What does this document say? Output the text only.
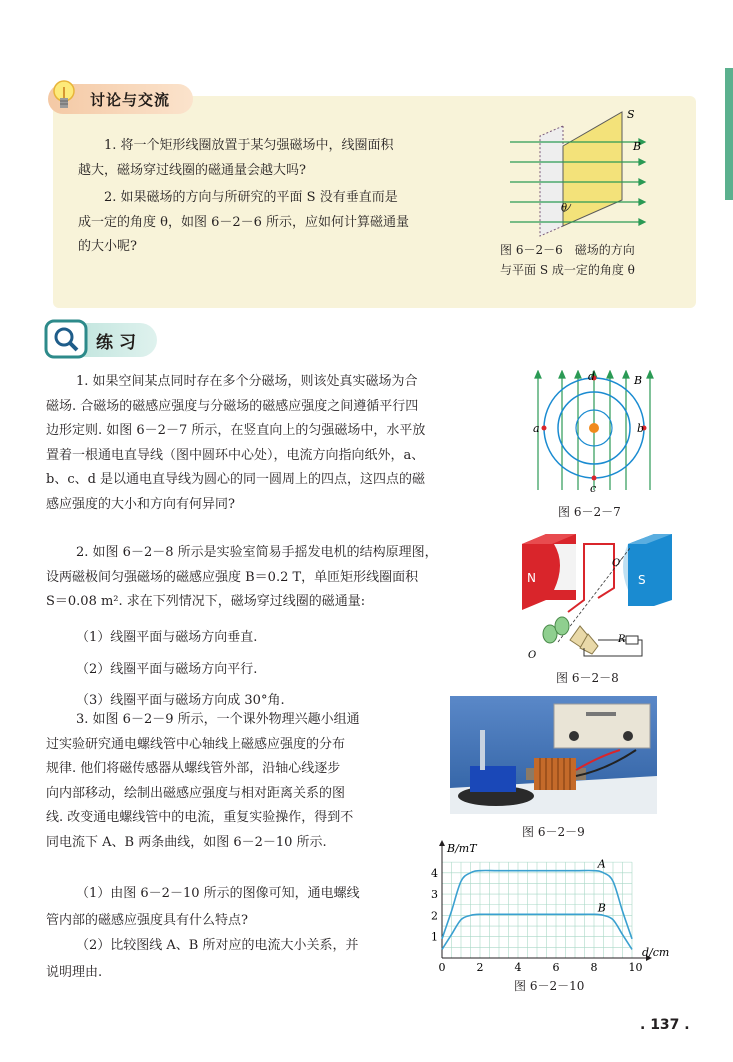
讨论与交流
1. 将一个矩形线圈放置于某匀强磁场中，线圈面积
越大，磁场穿过线圈的磁通量会越大吗?
2. 如果磁场的方向与所研究的平面 S 没有垂直而是
成一定的角度 θ，如图 6－2－6 所示，应如何计算磁通量
的大小呢?
S
B
θ
图 6－2－6　磁场的方向
与平面 S 成一定的角度 θ
练习
1. 如果空间某点同时存在多个分磁场，则该处真实磁场为合
磁场. 合磁场的磁感应强度与分磁场的磁感应强度之间遵循平行四
边形定则. 如图 6－2－7 所示，在竖直向上的匀强磁场中，水平放
置着一根通电直导线（图中圆环中心处），电流方向指向纸外，a、
b、c、d 是以通电直导线为圆心的同一圆周上的四点，这四点的磁
感应强度的大小和方向有何异同?
d
c
a	b
B
图 6－2－7
2. 如图 6－2－8 所示是实验室简易手摇发电机的结构原理图，
设两磁极间匀强磁场的磁感应强度 B＝0.2 T，单匝矩形线圈面积
S＝0.08 m². 求在下列情况下，磁场穿过线圈的磁通量:
（1）线圈平面与磁场方向垂直.
（2）线圈平面与磁场方向平行.
（3）线圈平面与磁场方向成 30°角.
N	S
R
O
O′
图 6－2－8
3. 如图 6－2－9 所示，一个课外物理兴趣小组通
过实验研究通电螺线管中心轴线上磁感应强度的分布
规律. 他们将磁传感器从螺线管外部，沿轴心线逐步
向内部移动，绘制出磁感应强度与相对距离关系的图
线. 改变通电螺线管中的电流，重复实验操作，得到不
同电流下 A、B 两条曲线，如图 6－2－10 所示.
（1）由图 6－2－10 所示的图像可知，通电螺线
管内部的磁感应强度具有什么特点?
（2）比较图线 A、B 所对应的电流大小关系，并
说明理由.
图 6－2－9
A
B
0	2	4	6	8	10
1
2
3
4
B/mT
d/cm
图 6－2－10
. 137 .
